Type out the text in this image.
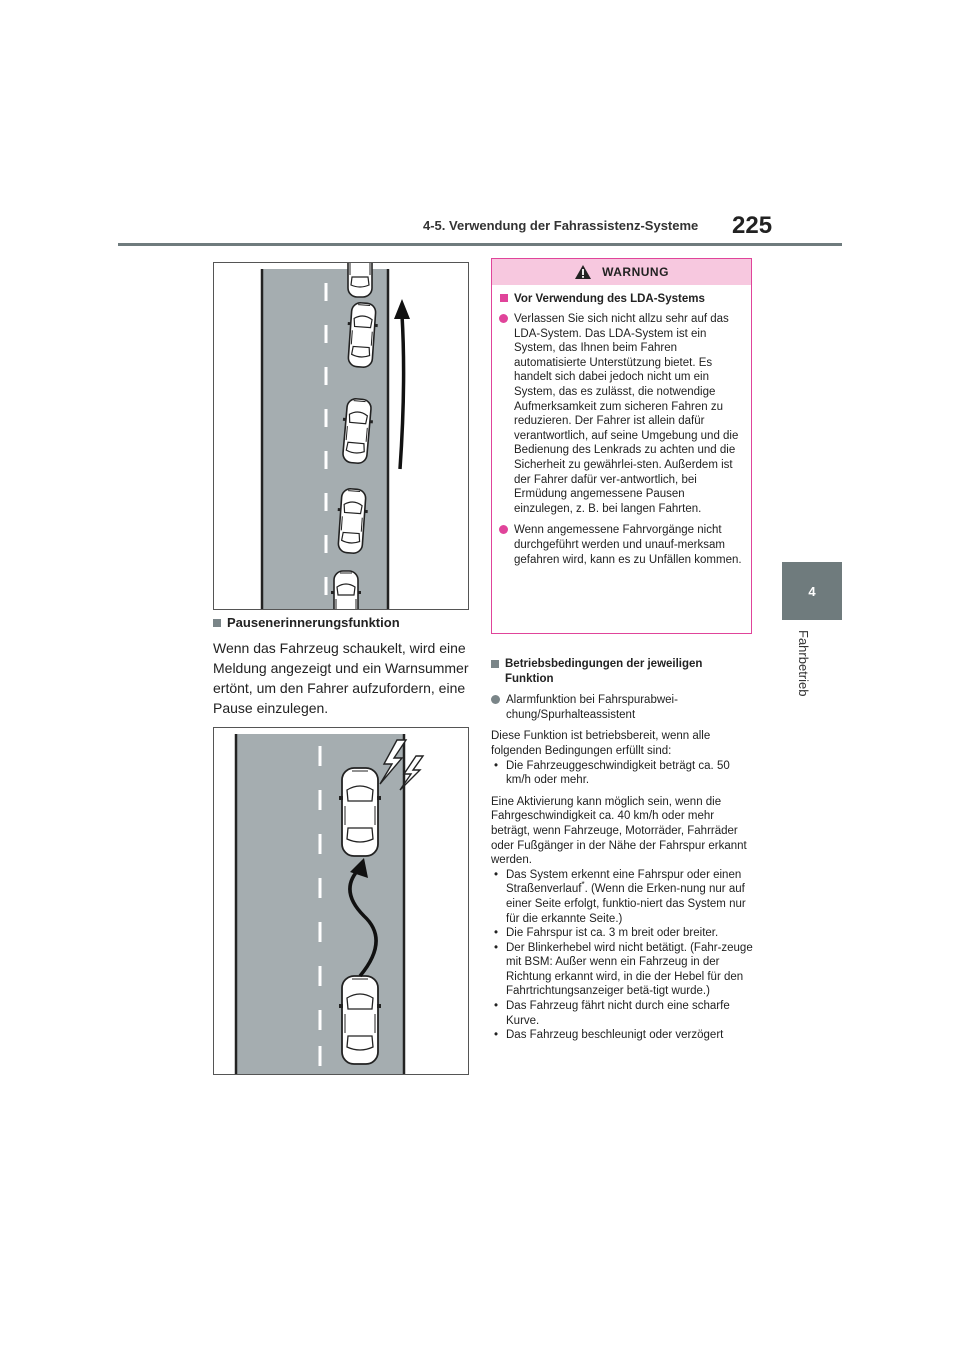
4-5. Verwendung der Fahrassistenz-Systeme 225
4
Fahrbetrieb
Pausenerinnerungsfunktion
Wenn das Fahrzeug schaukelt, wird eine Meldung angezeigt und ein Warnsummer ertönt, um den Fahrer aufzufordern, eine Pause einzulegen.
WARNUNG
Vor Verwendung des LDA-Systems
Verlassen Sie sich nicht allzu sehr auf das LDA-System. Das LDA-System ist ein System, das Ihnen beim Fahren automatisierte Unterstützung bietet. Es handelt sich dabei jedoch nicht um ein System, das es zulässt, die notwendige Aufmerksamkeit zum sicheren Fahren zu reduzieren. Der Fahrer ist allein dafür verantwortlich, auf seine Umgebung und die Bedienung des Lenkrads zu achten und die Sicherheit zu gewährlei-sten. Außerdem ist der Fahrer dafür ver-antwortlich, bei Ermüdung angemessene Pausen einzulegen, z. B. bei langen Fahrten.
Wenn angemessene Fahrvorgänge nicht durchgeführt werden und unauf-merksam gefahren wird, kann es zu Unfällen kommen.
Betriebsbedingungen der jeweiligen Funktion

Alarmfunktion bei Fahrspurabwei-chung/Spurhalteassistent

Diese Funktion ist betriebsbereit, wenn alle folgenden Bedingungen erfüllt sind:

• Die Fahrzeuggeschwindigkeit beträgt ca. 50 km/h oder mehr.

Eine Aktivierung kann möglich sein, wenn die Fahrgeschwindigkeit ca. 40 km/h oder mehr beträgt, wenn Fahrzeuge, Motorräder, Fahrräder oder Fußgänger in der Nähe der Fahrspur erkannt werden.

• Das System erkennt eine Fahrspur oder einen Straßenverlauf*. (Wenn die Erken-nung nur auf einer Seite erfolgt, funktio-niert das System nur für die erkannte Seite.)
• Die Fahrspur ist ca. 3 m breit oder breiter.
• Der Blinkerhebel wird nicht betätigt. (Fahr-zeuge mit BSM: Außer wenn ein Fahrzeug in der Richtung erkannt wird, in die der Hebel für den Fahrtrichtungsanzeiger betä-tigt wurde.)
• Das Fahrzeug fährt nicht durch eine scharfe Kurve.
• Das Fahrzeug beschleunigt oder verzögert
